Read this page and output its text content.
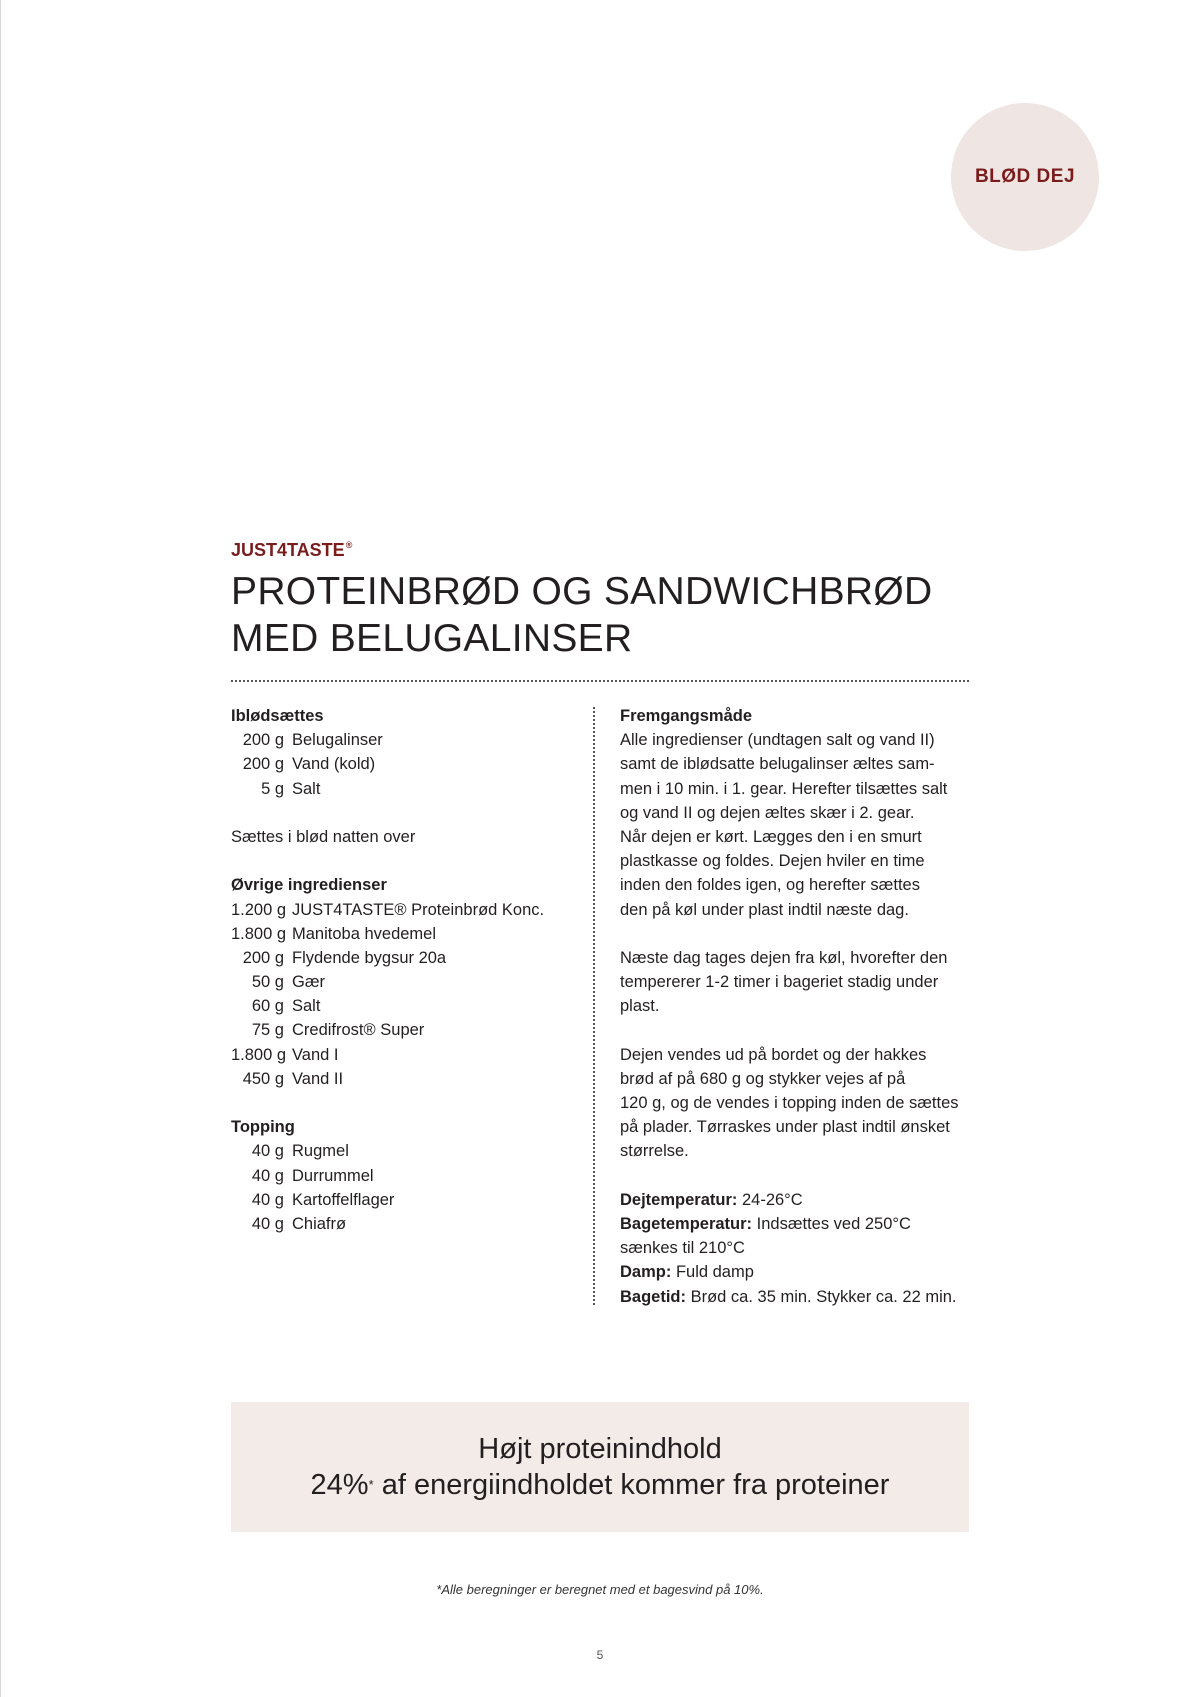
BLØD DEJ
JUST4TASTE®
PROTEINBRØD OG SANDWICHBRØD
MED BELUGALINSER
Iblødsættes
200 g Belugalinser
200 g Vand (kold)
5 g Salt
Sættes i blød natten over
Øvrige ingredienser
1.200 g JUST4TASTE® Proteinbrød Konc.
1.800 g Manitoba hvedemel
200 g Flydende bygsur 20a
50 g Gær
60 g Salt
75 g Credifrost® Super
1.800 g Vand I
450 g Vand II
Topping
40 g Rugmel
40 g Durrummel
40 g Kartoffelflager
40 g Chiafrø
Fremgangsmåde
Alle ingredienser (undtagen salt og vand II)
samt de iblødsatte belugalinser æltes sam-
men i 10 min. i 1. gear. Herefter tilsættes salt
og vand II og dejen æltes skær i 2. gear.
Når dejen er kørt. Lægges den i en smurt
plastkasse og foldes. Dejen hviler en time
inden den foldes igen, og herefter sættes
den på køl under plast indtil næste dag.
Næste dag tages dejen fra køl, hvorefter den
tempererer 1-2 timer i bageriet stadig under
plast.
Dejen vendes ud på bordet og der hakkes
brød af på 680 g og stykker vejes af på
120 g, og de vendes i topping inden de sættes
på plader. Tørraskes under plast indtil ønsket
størrelse.
Dejtemperatur: 24-26°C
Bagetemperatur: Indsættes ved 250°C
sænkes til 210°C
Damp: Fuld damp
Bagetid: Brød ca. 35 min. Stykker ca. 22 min.
Højt proteinindhold
24%* af energiindholdet kommer fra proteiner
*Alle beregninger er beregnet med et bagesvind på 10%.
5
